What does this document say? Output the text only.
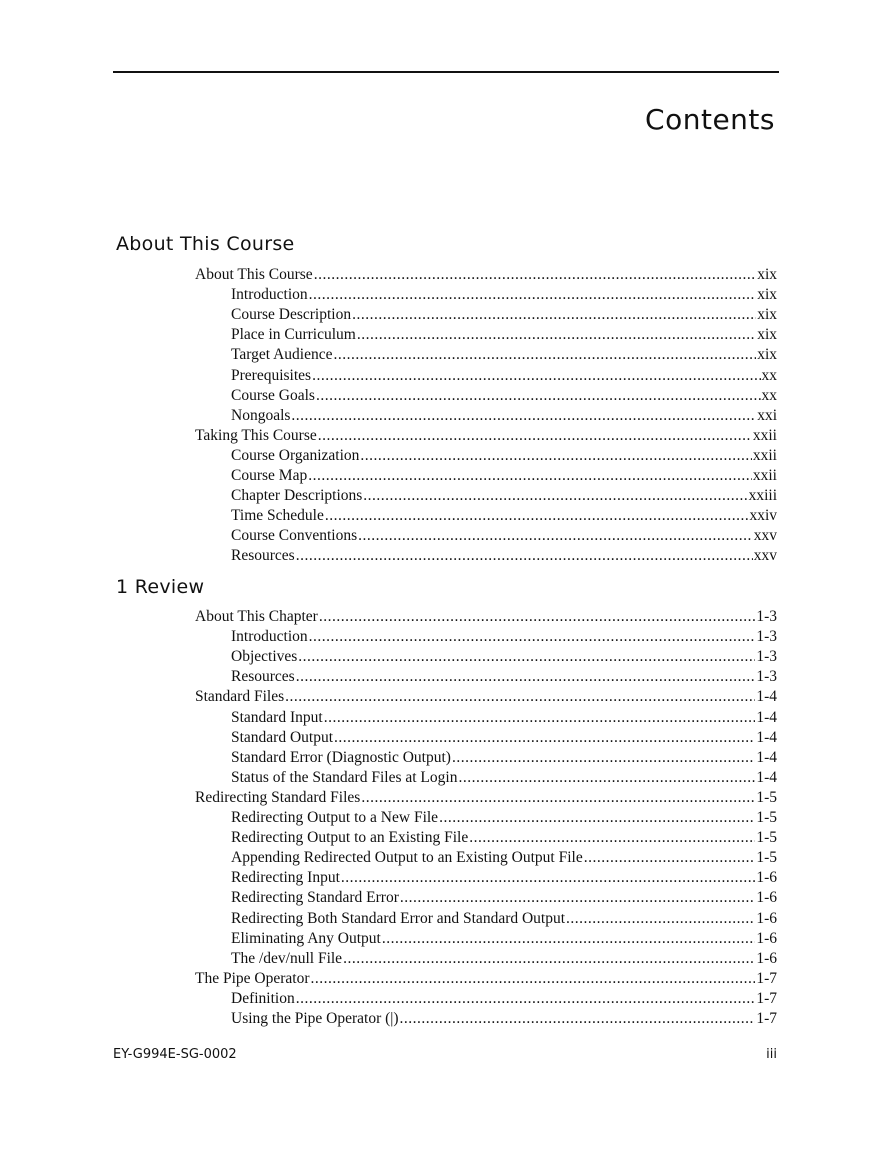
Contents
About This Course
About This Course .....	xix
Introduction .....	xix
Course Description .....	xix
Place in Curriculum .....	xix
Target Audience .....	xix
Prerequisites .....	xx
Course Goals .....	xx
Nongoals .....	xxi
Taking This Course .....	xxii
Course Organization .....	xxii
Course Map .....	xxii
Chapter Descriptions .....	xxiii
Time Schedule .....	xxiv
Course Conventions .....	xxv
Resources .....	xxv
1 Review
About This Chapter .....	1-3
Introduction .....	1-3
Objectives .....	1-3
Resources .....	1-3
Standard Files .....	1-4
Standard Input .....	1-4
Standard Output .....	1-4
Standard Error (Diagnostic Output) .....	1-4
Status of the Standard Files at Login .....	1-4
Redirecting Standard Files .....	1-5
Redirecting Output to a New File .....	1-5
Redirecting Output to an Existing File .....	1-5
Appending Redirected Output to an Existing Output File .....	1-5
Redirecting Input .....	1-6
Redirecting Standard Error .....	1-6
Redirecting Both Standard Error and Standard Output .....	1-6
Eliminating Any Output .....	1-6
The /dev/null File .....	1-6
The Pipe Operator .....	1-7
Definition .....	1-7
Using the Pipe Operator (|) .....	1-7
EY-G994E-SG-0002	iii
